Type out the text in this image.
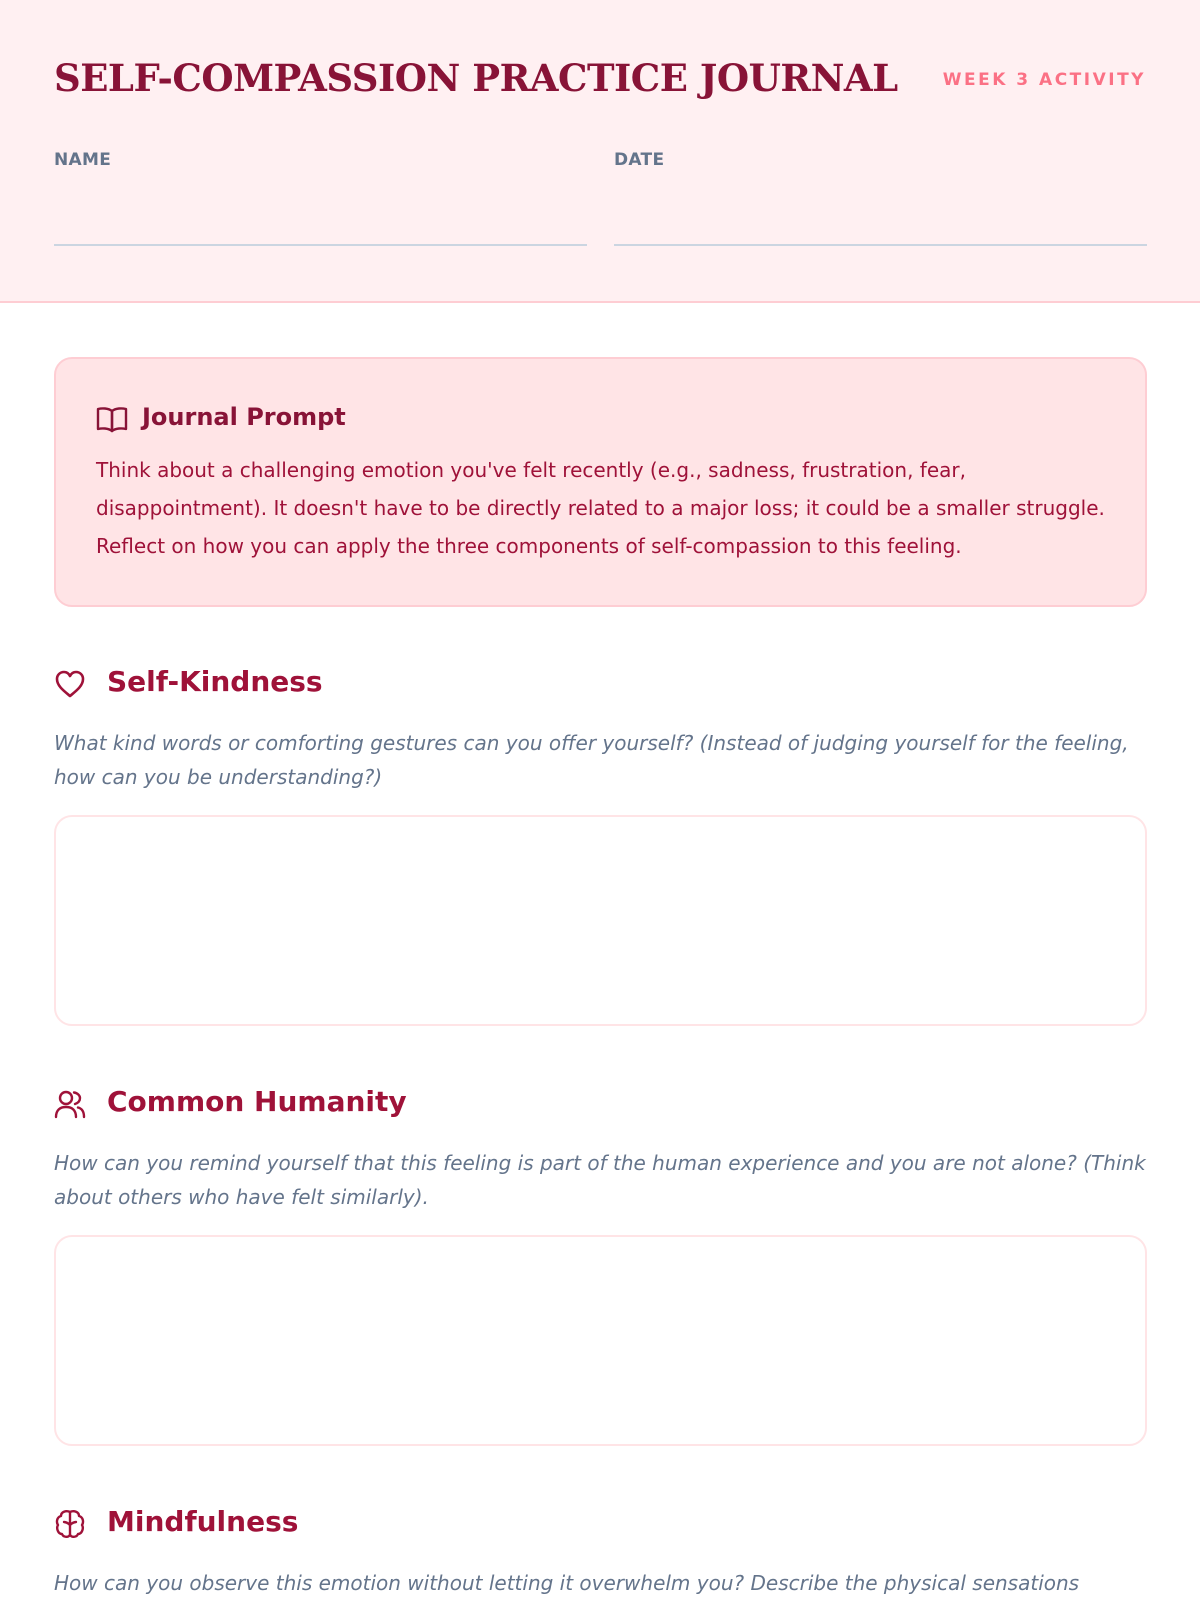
SELF-COMPASSION PRACTICE JOURNAL	WEEK 3 ACTIVITY
NAME	DATE
Journal Prompt

Think about a challenging emotion you've felt recently (e.g., sadness, frustration, fear, disappointment). It doesn't have to be directly related to a major loss; it could be a smaller struggle. Reflect on how you can apply the three components of self-compassion to this feeling.

Self-Kindness

What kind words or comforting gestures can you offer yourself? (Instead of judging yourself for the feeling, how can you be understanding?)

Common Humanity

How can you remind yourself that this feeling is part of the human experience and you are not alone? (Think about others who have felt similarly).

Mindfulness

How can you observe this emotion without letting it overwhelm you? Describe the physical sensations
